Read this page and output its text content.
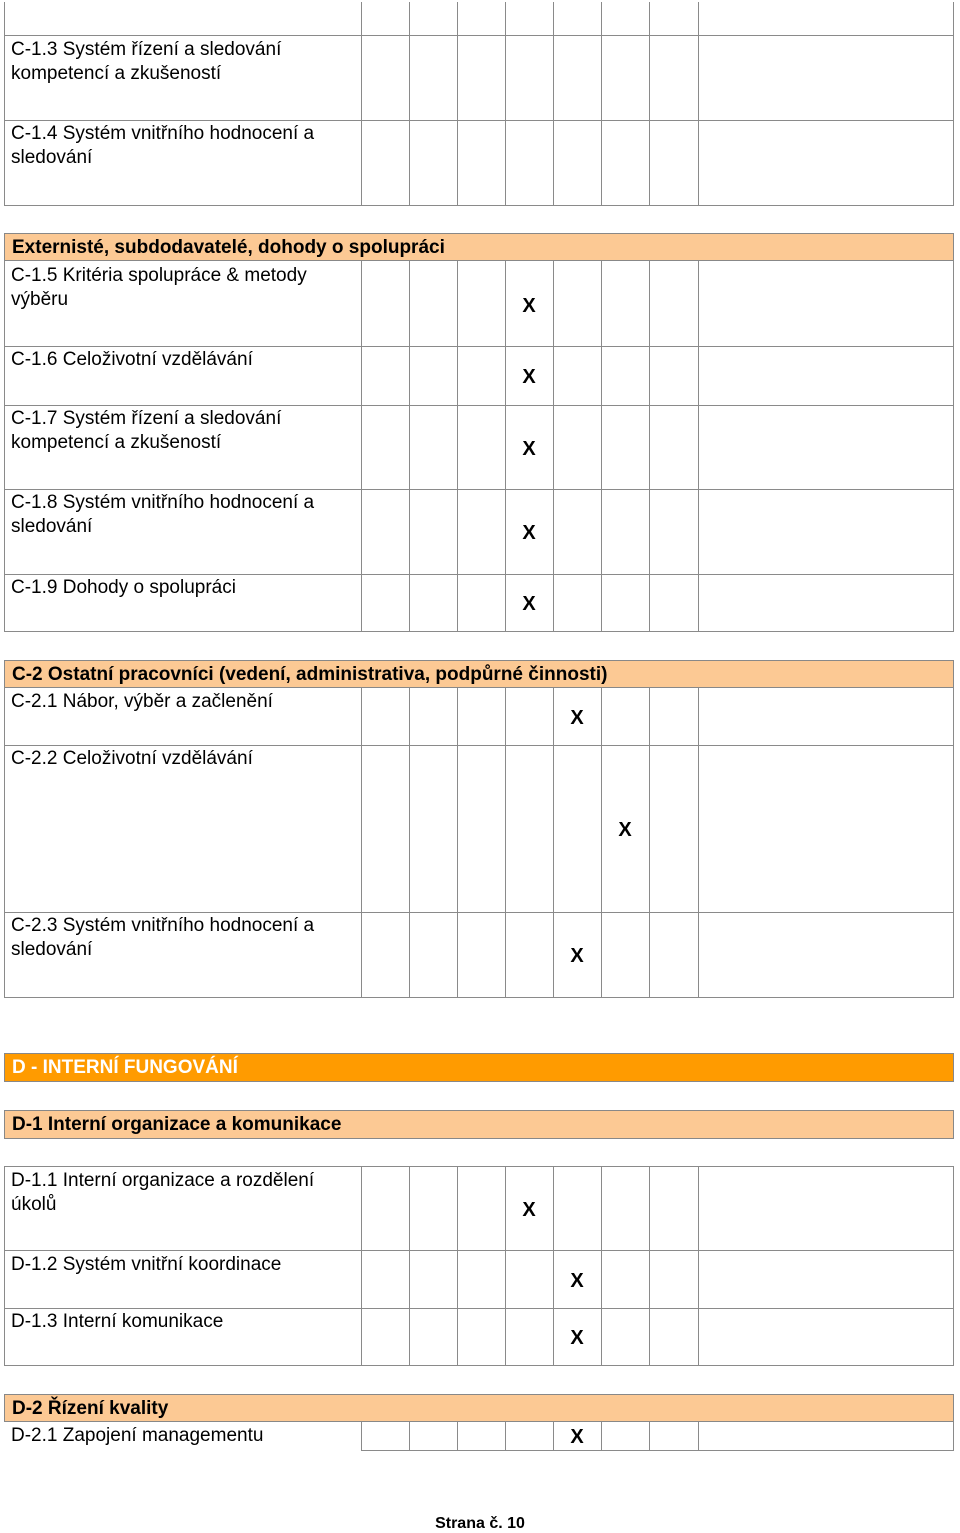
C-1.3 Systém řízení a sledování
kompetencí a zkušeností
C-1.4 Systém vnitřního hodnocení a
sledování
Externisté, subdodavatelé, dohody o spolupráci
C-1.5 Kritéria spolupráce & metody
výběru
C-1.6 Celoživotní vzdělávání
C-1.7 Systém řízení a sledování
kompetencí a zkušeností
C-1.8 Systém vnitřního hodnocení a
sledování
C-1.9 Dohody o spolupráci
X
X
X
X
X
C-2 Ostatní pracovníci (vedení, administrativa, podpůrné činnosti)
C-2.1 Nábor, výběr a začlenění
C-2.2 Celoživotní vzdělávání
C-2.3 Systém vnitřního hodnocení a
sledování
X
X
X
D - INTERNÍ FUNGOVÁNÍ
D-1 Interní organizace a komunikace
D-1.1 Interní organizace a rozdělení
úkolů
D-1.2 Systém vnitřní koordinace
D-1.3 Interní komunikace
X
X
X
D-2 Řízení kvality
D-2.1 Zapojení managementu	X
Strana č. 10
